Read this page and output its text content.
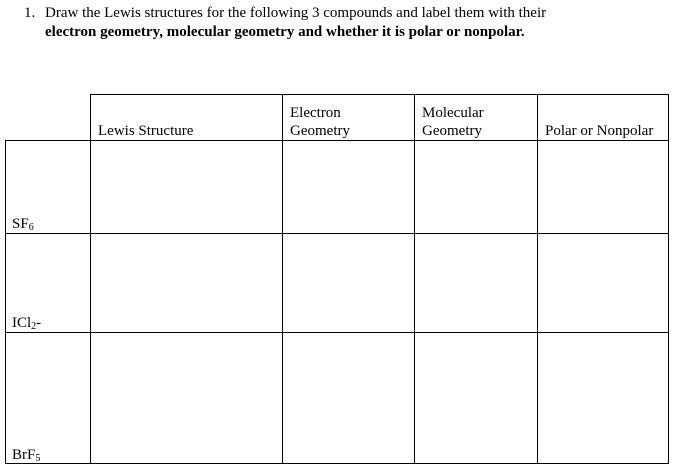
1. Draw the Lewis structures for the following 3 compounds and label them with their
electron geometry, molecular geometry and whether it is polar or nonpolar.
Lewis Structure
Electron
Geometry
Molecular
Geometry	Polar or Nonpolar
$SF_6$
ICl$_2$-
BrF$_5$
